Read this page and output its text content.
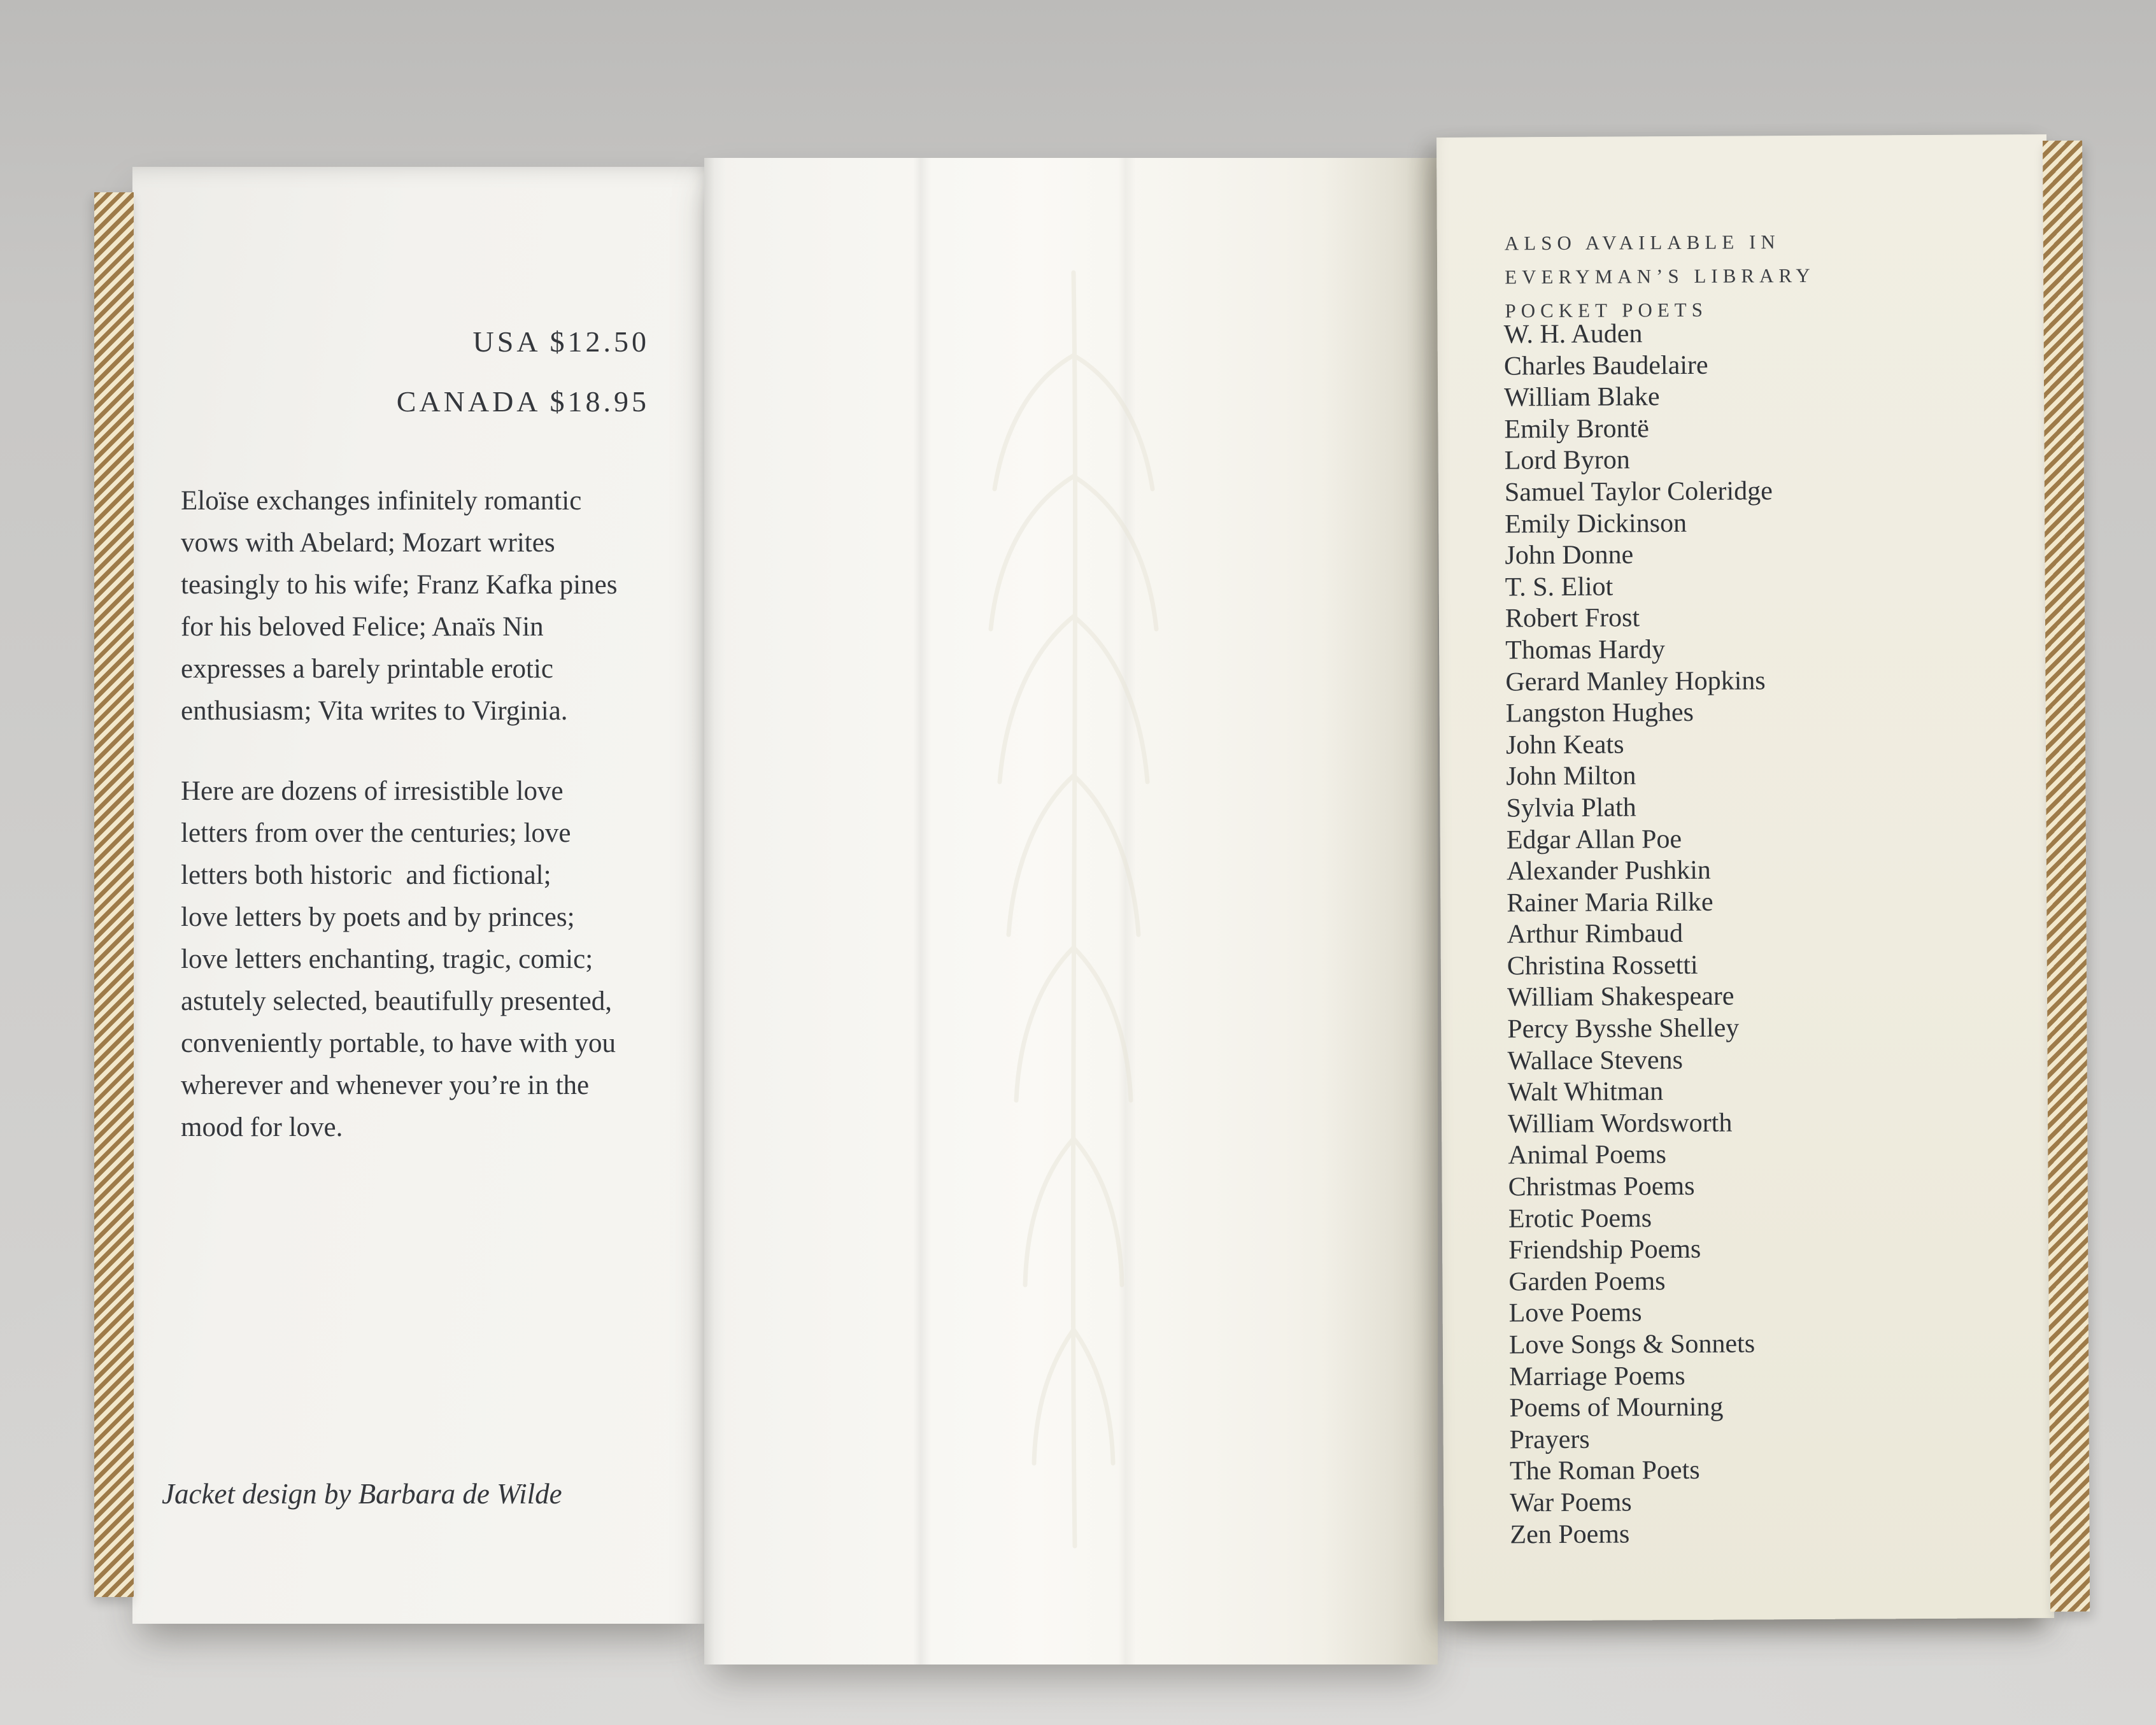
USA $12.50
CANADA $18.95
Eloïse exchanges infinitely romantic
vows with Abelard; Mozart writes
teasingly to his wife; Franz Kafka pines
for his beloved Felice; Anaïs Nin
expresses a barely printable erotic
enthusiasm; Vita writes to Virginia.
Here are dozens of irresistible love
letters from over the centuries; love
letters both historic  and fictional;
love letters by poets and by princes;
love letters enchanting, tragic, comic;
astutely selected, beautifully presented,
conveniently portable, to have with you
wherever and whenever you’re in the
mood for love.
Jacket design by Barbara de Wilde
ALSO AVAILABLE IN
EVERYMAN’S LIBRARY
POCKET POETS
W. H. Auden
Charles Baudelaire
William Blake
Emily Brontë
Lord Byron
Samuel Taylor Coleridge
Emily Dickinson
John Donne
T. S. Eliot
Robert Frost
Thomas Hardy
Gerard Manley Hopkins
Langston Hughes
John Keats
John Milton
Sylvia Plath
Edgar Allan Poe
Alexander Pushkin
Rainer Maria Rilke
Arthur Rimbaud
Christina Rossetti
William Shakespeare
Percy Bysshe Shelley
Wallace Stevens
Walt Whitman
William Wordsworth
Animal Poems
Christmas Poems
Erotic Poems
Friendship Poems
Garden Poems
Love Poems
Love Songs & Sonnets
Marriage Poems
Poems of Mourning
Prayers
The Roman Poets
War Poems
Zen Poems
